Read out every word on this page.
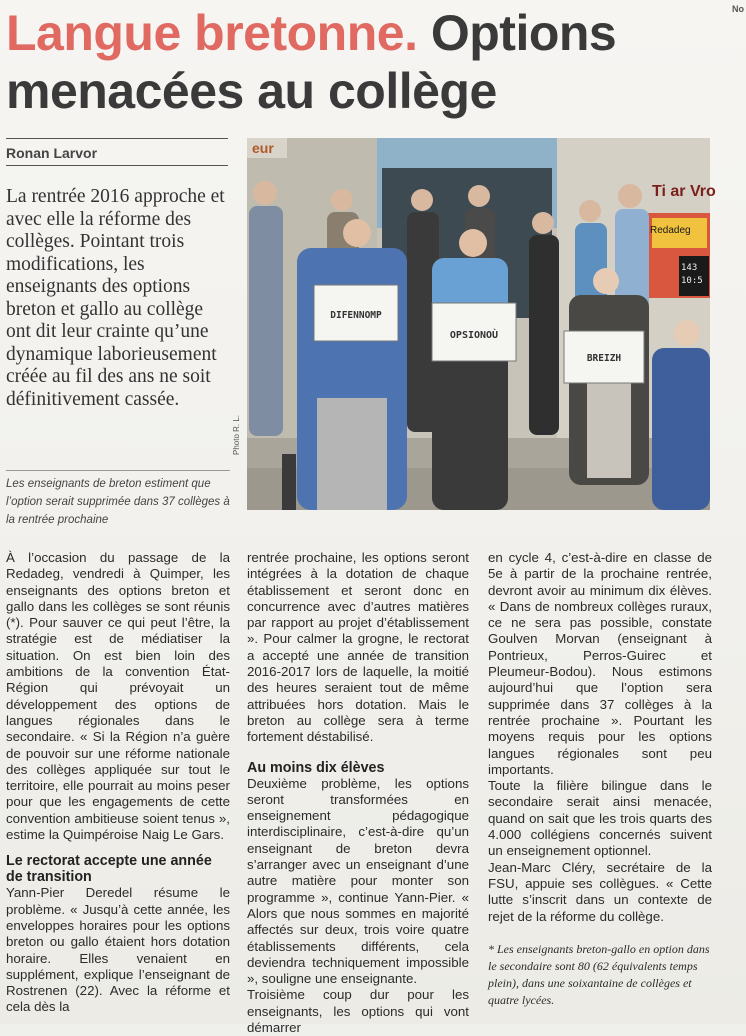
No
Langue bretonne. Options menacées au collège
Ronan Larvor

La rentrée 2016 approche et avec elle la réforme des collèges. Pointant trois modifications, les enseignants des options breton et gallo au collège ont dit leur crainte qu’une dynamique laborieusement créée au fil des ans ne soit définitivement cassée.

Les enseignants de breton estiment que l’option serait supprimée dans 37 collèges à la rentrée prochaine

Photo R. L.
eur
Ti ar Vro
Redadeg
143
10:5
DIFENNOMP
OPSIONOÙ
BREIZH

À l’occasion du passage de la Redadeg, vendredi à Quimper, les enseignants des options breton et gallo dans les collèges se sont réunis (*). Pour sauver ce qui peut l’être, la stratégie est de médiatiser la situation. On est bien loin des ambitions de la convention État-Région qui prévoyait un développement des options de langues régionales dans le secondaire. « Si la Région n’a guère de pouvoir sur une réforme nationale des collèges appliquée sur tout le territoire, elle pourrait au moins peser pour que les engagements de cette convention ambitieuse soient tenus », estime la Quimpéroise Naig Le Gars.

Le rectorat accepte une année de transition

Yann-Pier Deredel résume le problème. « Jusqu’à cette année, les enveloppes horaires pour les options breton ou gallo étaient hors dotation horaire. Elles venaient en supplément, explique l’enseignant de Rostrenen (22). Avec la réforme et cela dès la

rentrée prochaine, les options seront intégrées à la dotation de chaque établissement et seront donc en concurrence avec d’autres matières par rapport au projet d’établissement ». Pour calmer la grogne, le rectorat a accepté une année de transition 2016-2017 lors de laquelle, la moitié des heures seraient tout de même attribuées hors dotation. Mais le breton au collège sera à terme fortement déstabilisé.

Au moins dix élèves

Deuxième problème, les options seront transformées en enseignement pédagogique interdisciplinaire, c’est-à-dire qu’un enseignant de breton devra s’arranger avec un enseignant d’une autre matière pour monter son programme », continue Yann-Pier. « Alors que nous sommes en majorité affectés sur deux, trois voire quatre établissements différents, cela deviendra techniquement impossible », souligne une enseignante.

Troisième coup dur pour les enseignants, les options qui vont démarrer

en cycle 4, c’est-à-dire en classe de 5e à partir de la prochaine rentrée, devront avoir au minimum dix élèves. « Dans de nombreux collèges ruraux, ce ne sera pas possible, constate Goulven Morvan (enseignant à Pontrieux, Perros-Guirec et Pleumeur-Bodou). Nous estimons aujourd’hui que l’option sera supprimée dans 37 collèges à la rentrée prochaine ». Pourtant les moyens requis pour les options langues régionales sont peu importants.

Toute la filière bilingue dans le secondaire serait ainsi menacée, quand on sait que les trois quarts des 4.000 collégiens concernés suivent un enseignement optionnel.

Jean-Marc Cléry, secrétaire de la FSU, appuie ses collègues. « Cette lutte s’inscrit dans un contexte de rejet de la réforme du collège.

* Les enseignants breton-gallo en option dans le secondaire sont 80 (62 équivalents temps plein), dans une soixantaine de collèges et quatre lycées.
